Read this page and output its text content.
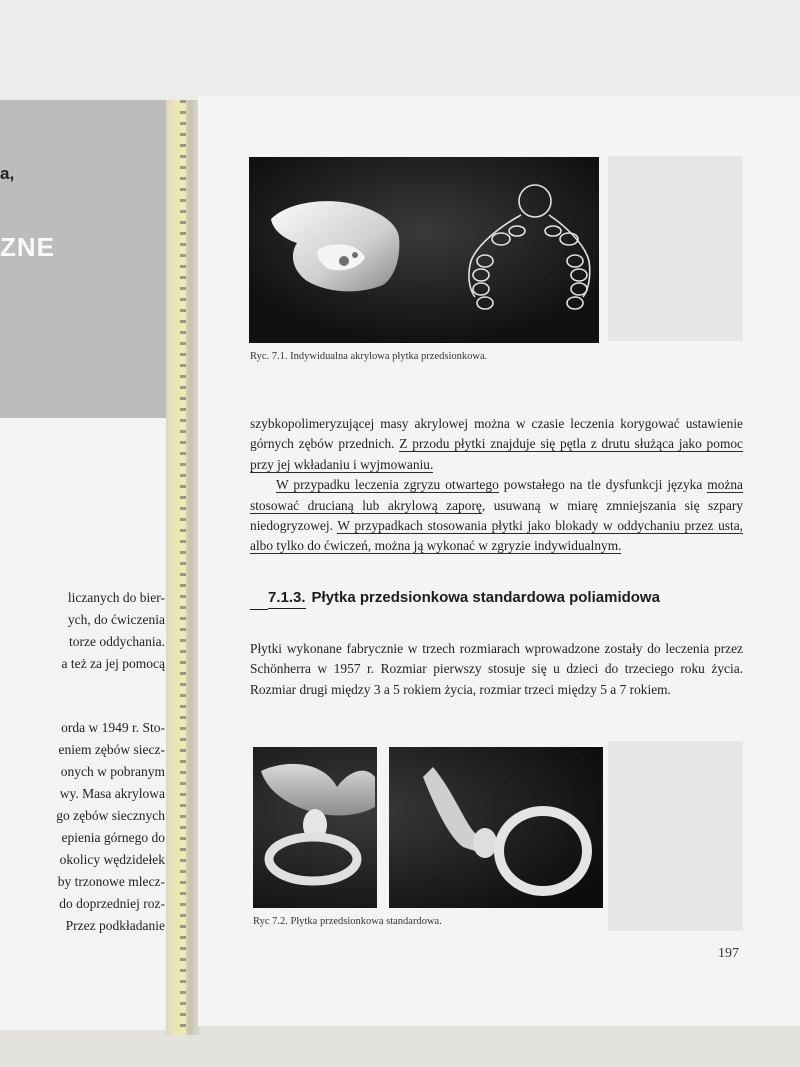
a,
ZNE
liczanych do bier-
ych, do ćwiczenia
torze oddychania.
a też za jej pomocą
orda w 1949 r. Sto-
eniem zębów siecz-
onych w pobranym
wy. Masa akrylowa
go zębów siecznych
epienia górnego do
okolicy wędzidełek
by trzonowe mlecz-
do doprzedniej roz-
Przez podkładanie
Ryc. 7.1. Indywidualna akrylowa płytka przedsionkowa.

szybkopolimeryzującej masy akrylowej można w czasie leczenia korygować ustawienie górnych zębów przednich. Z przodu płytki znajduje się pętla z drutu służąca jako pomoc przy jej wkładaniu i wyjmowaniu.

W przypadku leczenia zgryzu otwartego powstałego na tle dysfunkcji języka można stosować drucianą lub akrylową zaporę, usuwaną w miarę zmniejszania się szpary niedogryzowej. W przypadkach stosowania płytki jako blokady w oddychaniu przez usta, albo tylko do ćwiczeń, można ją wykonać w zgryzie indywidualnym.

7.1.3. Płytka przedsionkowa standardowa poliamidowa

Płytki wykonane fabrycznie w trzech rozmiarach wprowadzone zostały do leczenia przez Schönherra w 1957 r. Rozmiar pierwszy stosuje się u dzieci do trzeciego roku życia. Rozmiar drugi między 3 a 5 rokiem życia, rozmiar trzeci między 5 a 7 rokiem.

Ryc 7.2. Płytka przedsionkowa standardowa.
197
